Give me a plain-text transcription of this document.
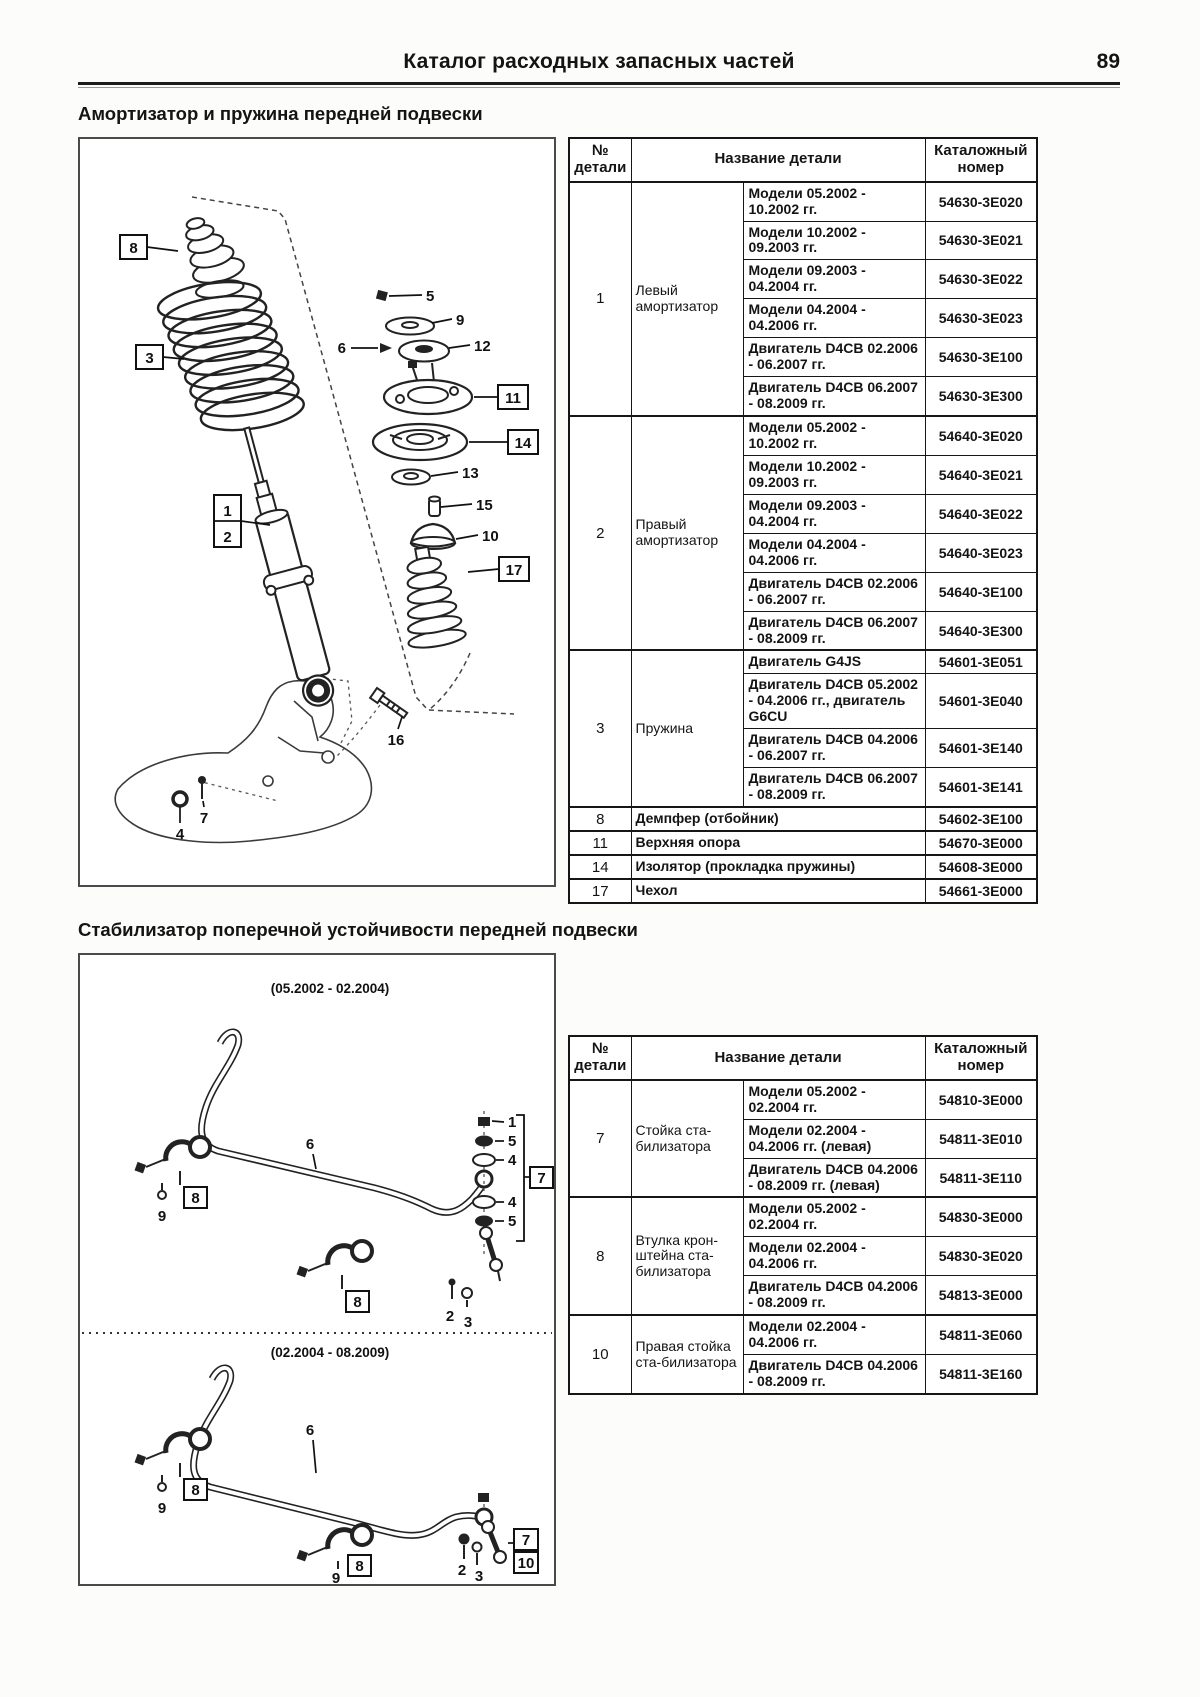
Каталог расходных запасных частей	89
Амортизатор и пружина передней подвески
8
3
1
2
5
9
6	12
11
14
13
15
10
17
16
4
7
№ детали	Название детали		Каталожный номер
1	Левый амортизатор	Модели 05.2002 - 10.2002 гг.	54630-3E020
		Модели 10.2002 - 09.2003 гг.	54630-3E021
		Модели 09.2003 - 04.2004 гг.	54630-3E022
		Модели 04.2004 - 04.2006 гг.	54630-3E023
		Двигатель D4CB 02.2006 - 06.2007 гг.	54630-3E100
		Двигатель D4CB 06.2007 - 08.2009 гг.	54630-3E300
2	Правый амортизатор	Модели 05.2002 - 10.2002 гг.	54640-3E020
		Модели 10.2002 - 09.2003 гг.	54640-3E021
		Модели 09.2003 - 04.2004 гг.	54640-3E022
		Модели 04.2004 - 04.2006 гг.	54640-3E023
		Двигатель D4CB 02.2006 - 06.2007 гг.	54640-3E100
		Двигатель D4CB 06.2007 - 08.2009 гг.	54640-3E300
3	Пружина	Двигатель G4JS	54601-3E051
		Двигатель D4CB 05.2002 - 04.2006 гг., двигатель G6CU	54601-3E040
		Двигатель D4CB 04.2006 - 06.2007 гг.	54601-3E140
		Двигатель D4CB 06.2007 - 08.2009 гг.	54601-3E141
8	Демпфер (отбойник)		54602-3E100
11	Верхняя опора		54670-3E000
14	Изолятор (прокладка пружины)		54608-3E000
17	Чехол		54661-3E000
Стабилизатор поперечной устойчивости передней подвески
(05.2002 - 02.2004)
6
8
9
8
1
5
4
4
5
7
2 3
(02.2004 - 08.2009)
6
8
9
8
9	2 3
7
10
№ детали	Название детали		Каталожный номер
7	Стойка ста-билизатора	Модели 05.2002 - 02.2004 гг.	54810-3E000
		Модели 02.2004 - 04.2006 гг. (левая)	54811-3E010
		Двигатель D4CB 04.2006 - 08.2009 гг. (левая)	54811-3E110
8	Втулка крон-штейна ста-билизатора	Модели 05.2002 - 02.2004 гг.	54830-3E000
		Модели 02.2004 - 04.2006 гг.	54830-3E020
		Двигатель D4CB 04.2006 - 08.2009 гг.	54813-3E000
10	Правая стойка ста-билизатора	Модели 02.2004 - 04.2006 гг.	54811-3E060
		Двигатель D4CB 04.2006 - 08.2009 гг.	54811-3E160
